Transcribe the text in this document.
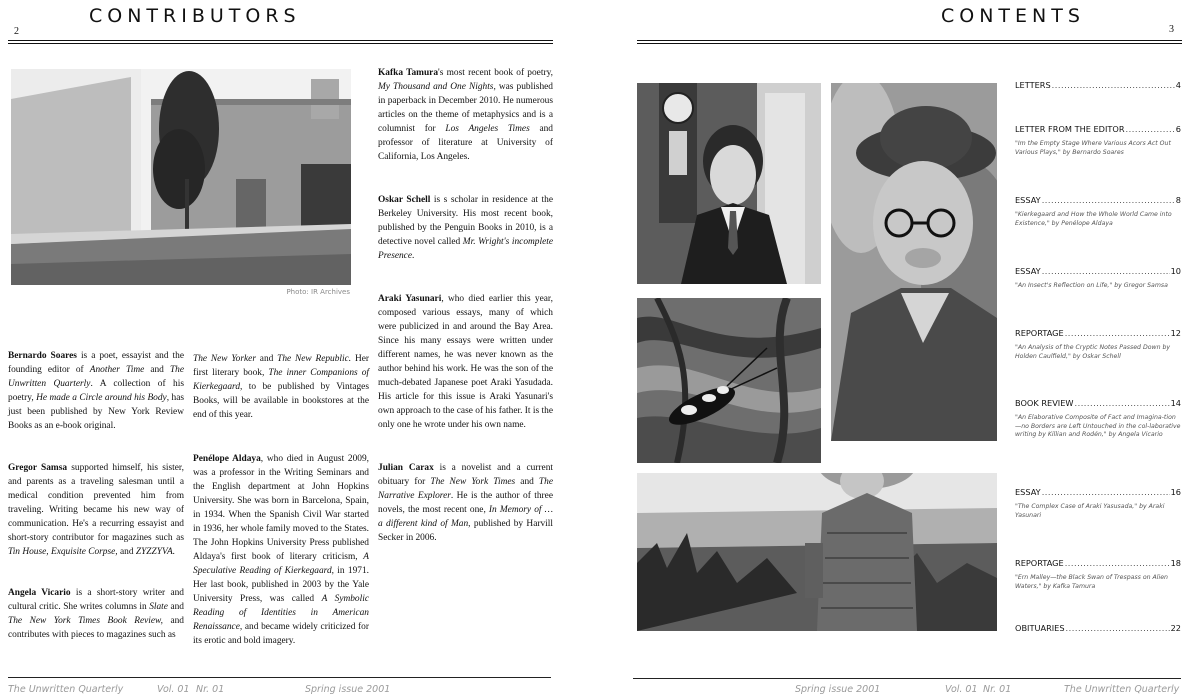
CONTRIBUTORS
2
Photo: IR Archives

Bernardo Soares is a poet, essayist and the founding editor of Another Time and The Unwritten Quarterly. A collection of his poetry, He made a Circle around his Body, has just been published by New York Review Books as an e-book original.

Gregor Samsa supported himself, his sister, and parents as a traveling salesman until a medical condition prevented him from traveling. Writing became his new way of communication. He's a recurring essayist and short-story contributor for magazines such as Tin House, Exquisite Corpse, and ZYZZYVA.

Angela Vicario is a short-story writer and cultural critic. She writes columns in Slate and The New York Times Book Review, and contributes with pieces to magazines such as

The New Yorker and The New Republic. Her first literary book, The inner Companions of Kierkegaard, to be published by Vintages Books, will be available in bookstores at the end of this year.

Penélope Aldaya, who died in August 2009, was a professor in the Writing Seminars and the English department at John Hopkins University. She was born in Barcelona, Spain, in 1934. When the Spanish Civil War started in 1936, her whole family moved to the States. The John Hopkins University Press published Aldaya's first book of literary criticism, A Speculative Reading of Kierkegaard, in 1971. Her last book, published in 2003 by the Yale University Press, was called A Symbolic Reading of Identities in American Renaissance, and became widely criticized for its erotic and bold imagery.

Kafka Tamura's most recent book of poetry, My Thousand and One Nights, was published in paperback in December 2010. He numerous articles on the theme of metaphysics and is a columnist for Los Angeles Times and professor of literature at University of California, Los Angeles.

Oskar Schell is s scholar in residence at the Berkeley University. His most recent book, published by the Penguin Books in 2010, is a detective novel called Mr. Wright's incomplete Presence.

Araki Yasunari, who died earlier this year, composed various essays, many of which were publicized in and around the Bay Area. Since his many essays were written under different names, he was never known as the author behind his work. He was the son of the much-debated Japanese poet Araki Yasudada. His article for this issue is Araki Yasunari's own approach to the case of his father. It is the only one he wrote under his own name.

Julian Carax is a novelist and a current obituary for The New York Times and The Narrative Explorer. He is the author of three novels, the most recent one, In Memory of … a different kind of Man, published by Harvill Secker in 2006.

The Unwritten Quarterly	Vol. 01 Nr. 01	Spring issue 2001
CONTENTS
3
LETTERS .....	4
LETTER FROM THE EDITOR .....	6
"Im the Empty Stage Where Various Acors Act Out Various Plays," by Bernardo Soares
ESSAY .....	8
"Kierkegaard and How the Whole World Came into Existence," by Penélope Aldaya
ESSAY .....	10
"An Insect's Reflection on Life," by Gregor Samsa
REPORTAGE .....	12
"An Analysis of the Cryptic Notes Passed Down by Holden Caulfield," by Oskar Schell
BOOK REVIEW .....	14
"An Elaborative Composite of Fact and Imagina-tion—no Borders are Left Untouched in the col-laborative writing by Killian and Rodén," by Angela Vicario
ESSAY .....	16
"The Complex Case of Araki Yasusada," by Araki Yasunari
REPORTAGE .....	18
"Ern Malley—the Black Swan of Trespass on Alien Waters," by Kafka Tamura
OBITUARIES .....	22
Spring issue 2001	Vol. 01 Nr. 01	The Unwritten Quarterly
